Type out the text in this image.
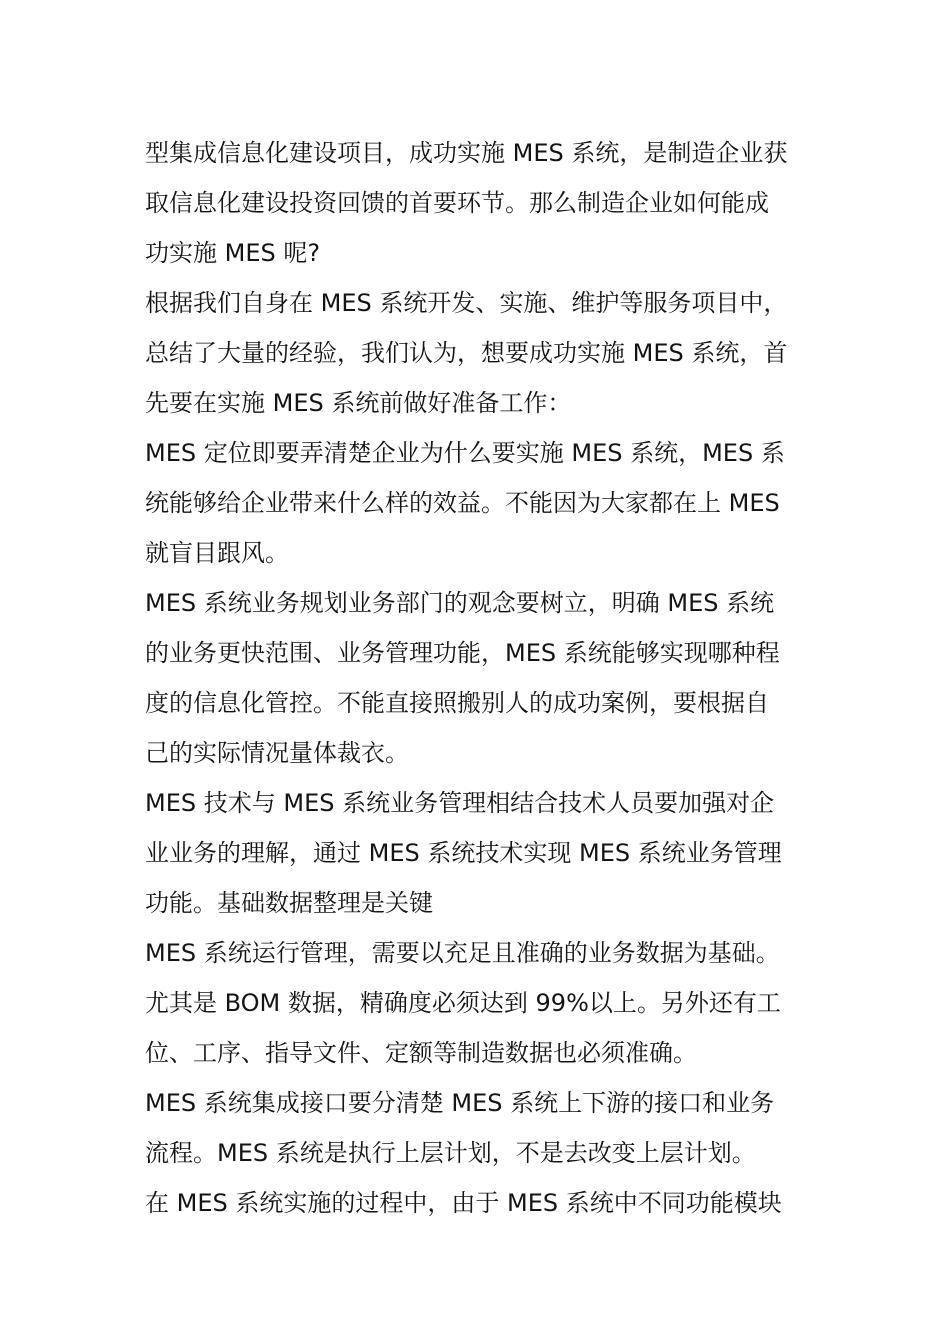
型集成信息化建设项目，成功实施 MES 系统，是制造企业获
取信息化建设投资回馈的首要环节。那么制造企业如何能成
功实施 MES 呢?
根据我们自身在 MES 系统开发、实施、维护等服务项目中，
总结了大量的经验，我们认为，想要成功实施 MES 系统，首
先要在实施 MES 系统前做好准备工作：
MES 定位即要弄清楚企业为什么要实施 MES 系统，MES 系
统能够给企业带来什么样的效益。不能因为大家都在上 MES
就盲目跟风。
MES 系统业务规划业务部门的观念要树立，明确 MES 系统
的业务更快范围、业务管理功能，MES 系统能够实现哪种程
度的信息化管控。不能直接照搬别人的成功案例，要根据自
己的实际情况量体裁衣。
MES 技术与 MES 系统业务管理相结合技术人员要加强对企
业业务的理解，通过 MES 系统技术实现 MES 系统业务管理
功能。基础数据整理是关键
MES 系统运行管理，需要以充足且准确的业务数据为基础。
尤其是 BOM 数据，精确度必须达到 99%以上。另外还有工
位、工序、指导文件、定额等制造数据也必须准确。
MES 系统集成接口要分清楚 MES 系统上下游的接口和业务
流程。MES 系统是执行上层计划，不是去改变上层计划。
在 MES 系统实施的过程中，由于 MES 系统中不同功能模块
